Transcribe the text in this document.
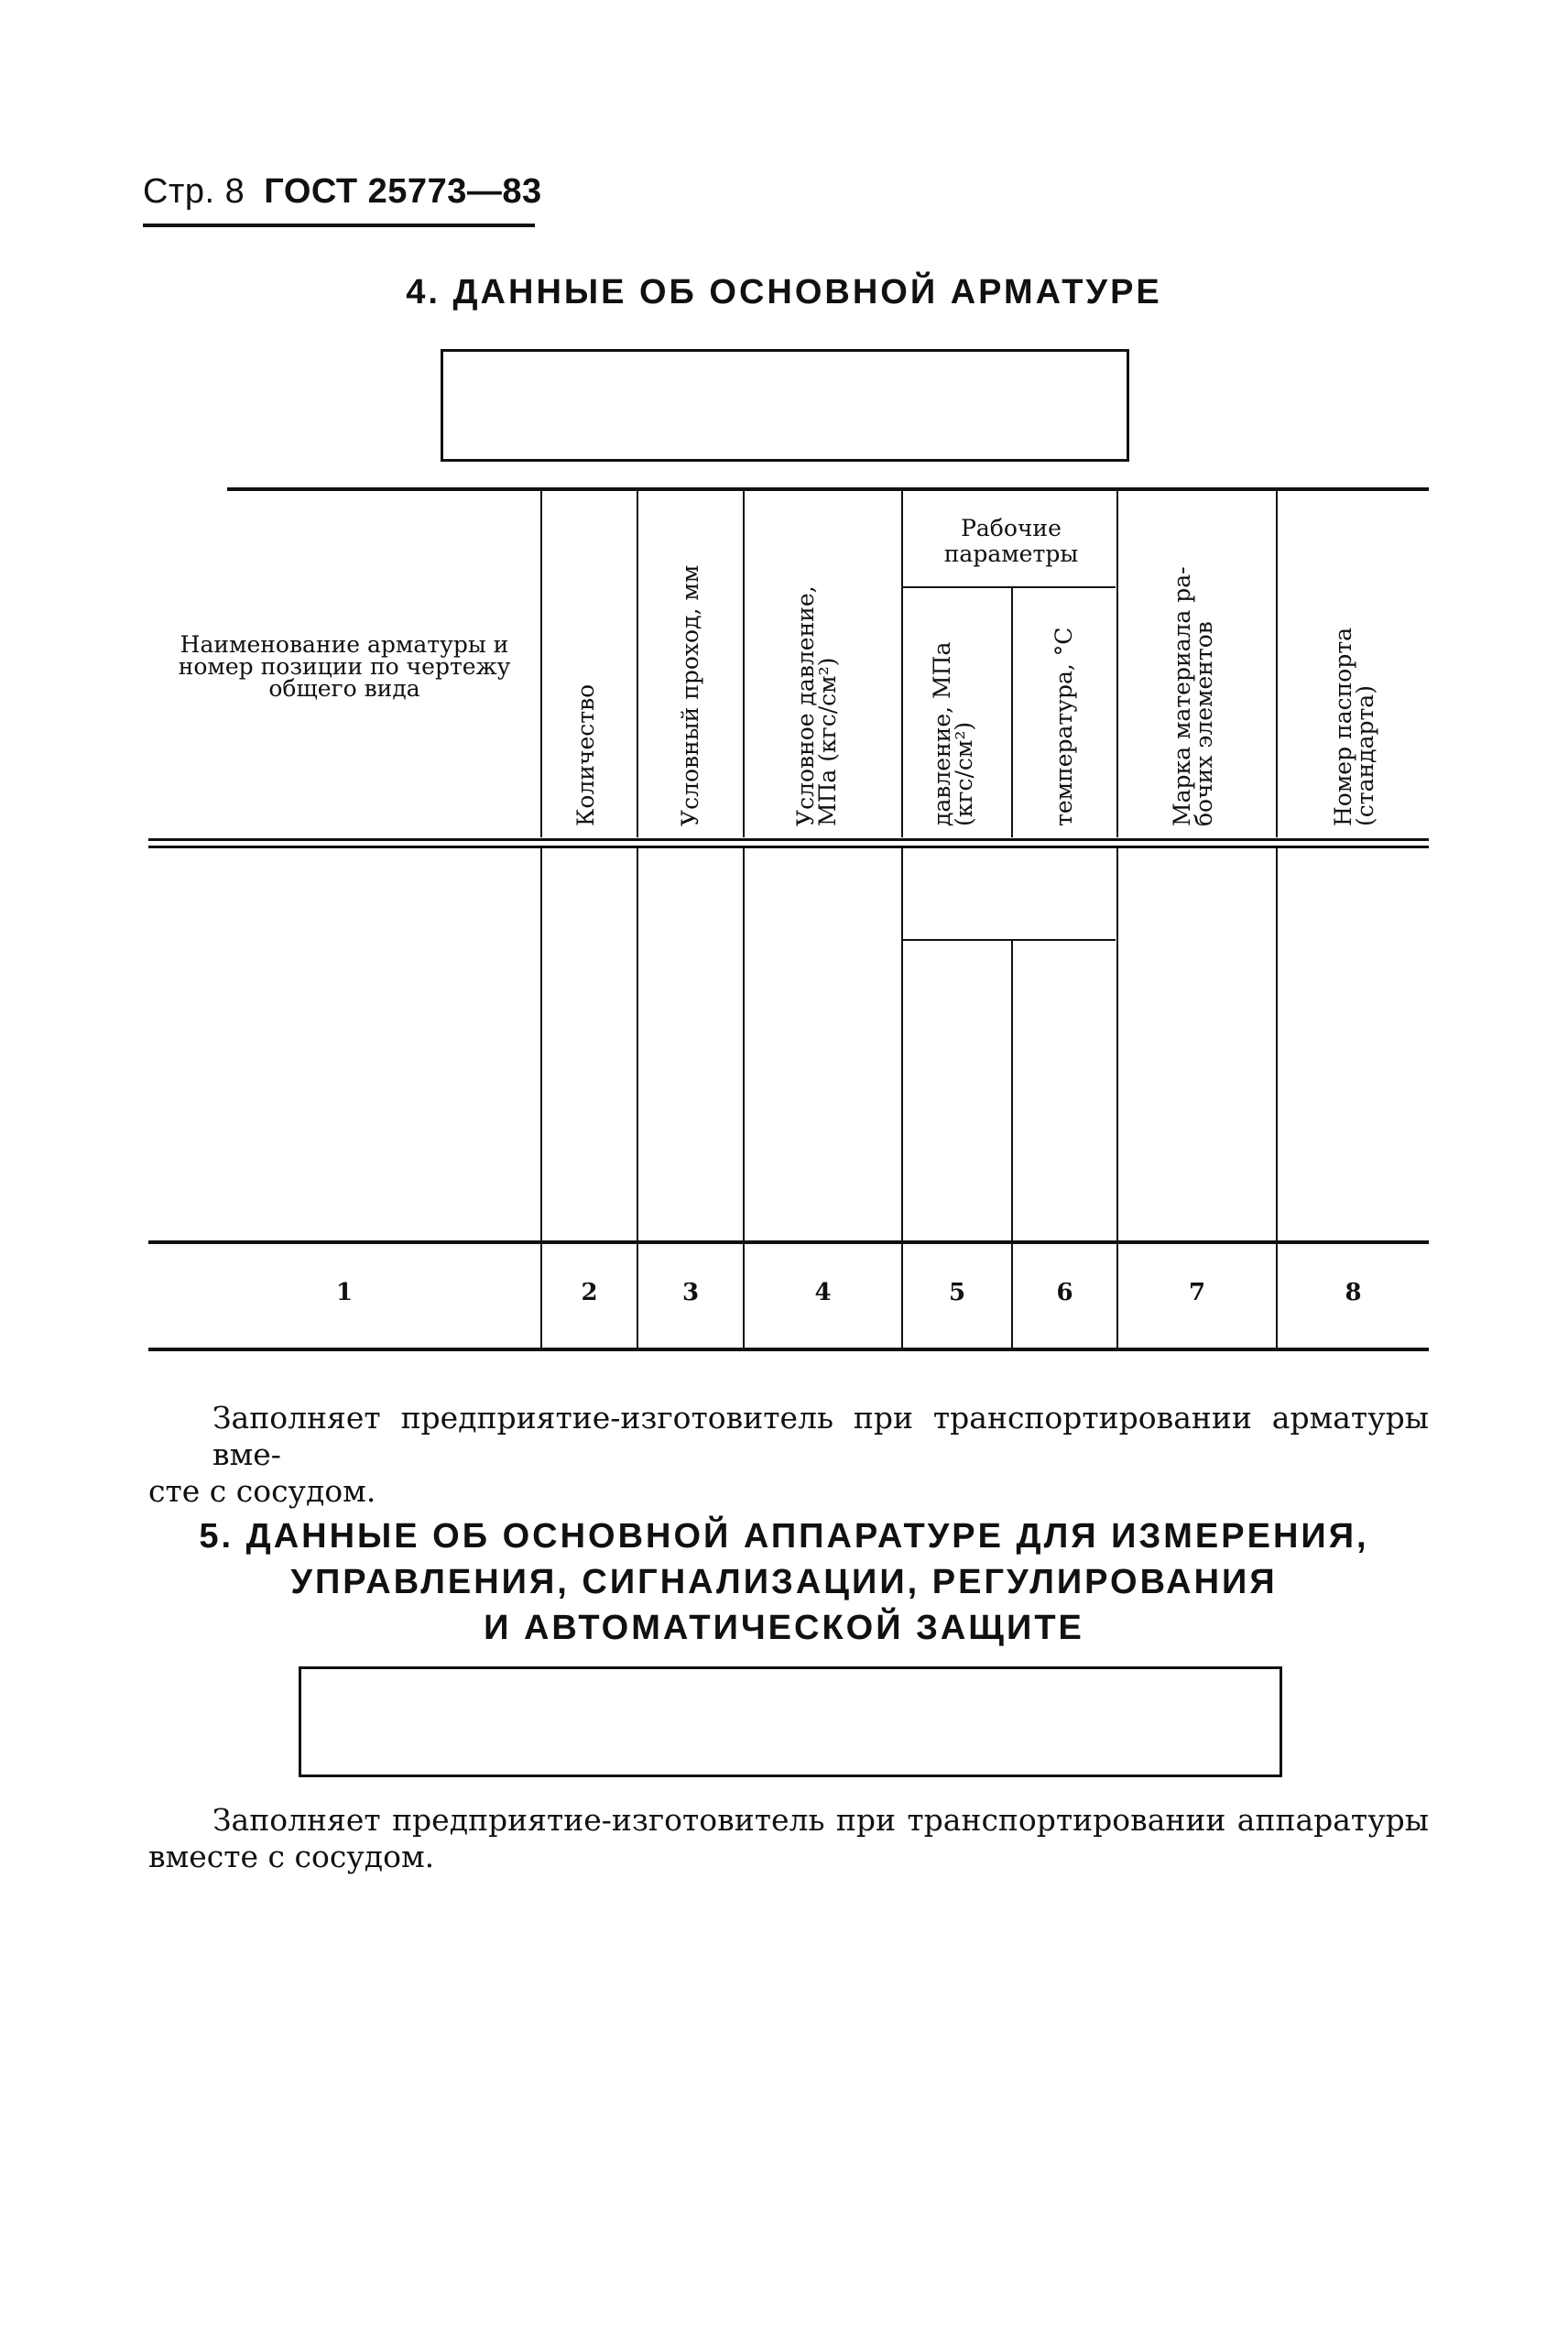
Стр. 8 ГОСТ 25773—83
4. ДАННЫЕ ОБ ОСНОВНОЙ АРМАТУРЕ
Наименование арматуры и номер позиции по чертежу общего вида	Количество	Условный проход, мм	Условное давление,
МПа (кгс/см²)
Рабочие параметры
давление, МПа
(кгс/см²)	температура, °С	Марка материала ра-
бочих элементов	Номер паспорта
(стандарта)
1	2	3	4	5	6	7	8
Заполняет предприятие-изготовитель при транспортировании арматуры вме-
сте с сосудом.
5. ДАННЫЕ ОБ ОСНОВНОЙ АППАРАТУРЕ ДЛЯ ИЗМЕРЕНИЯ,
УПРАВЛЕНИЯ, СИГНАЛИЗАЦИИ, РЕГУЛИРОВАНИЯ
И АВТОМАТИЧЕСКОЙ ЗАЩИТЕ
Заполняет предприятие-изготовитель при транспортировании аппаратуры
вместе с сосудом.
